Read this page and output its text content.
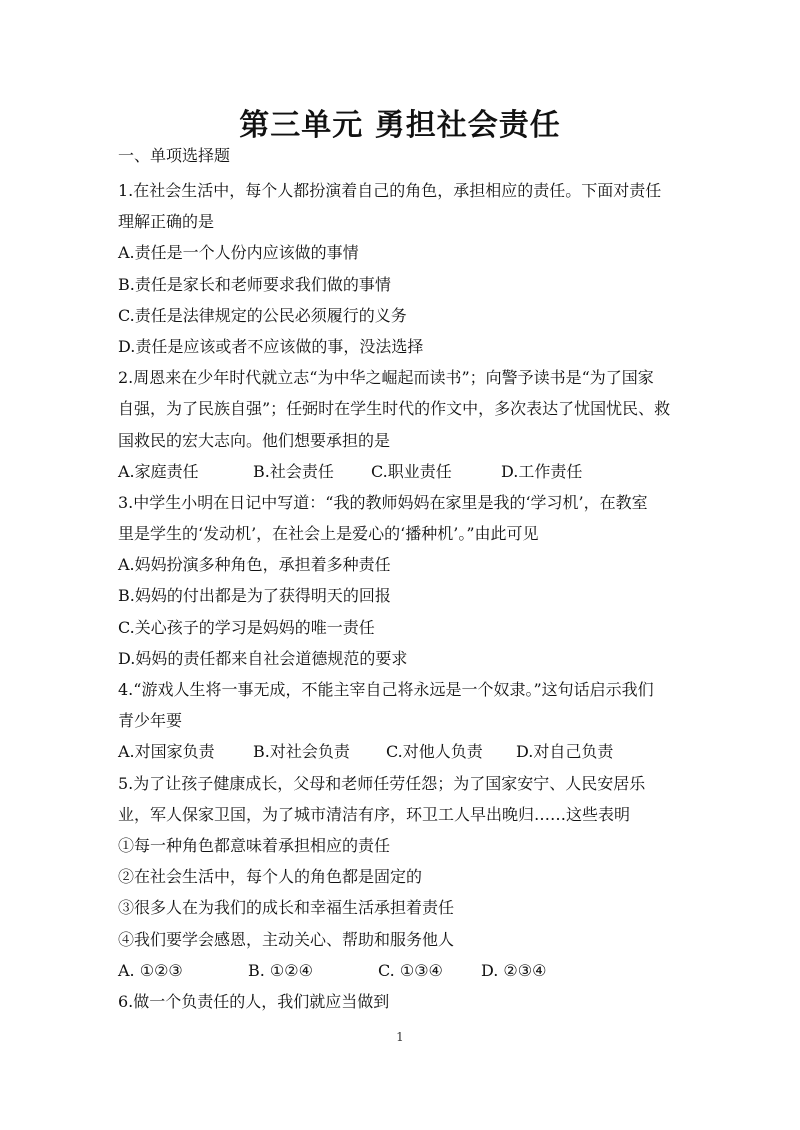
第三单元 勇担社会责任
一、单项选择题
1.在社会生活中，每个人都扮演着自己的角色，承担相应的责任。下面对责任
理解正确的是
A.责任是一个人份内应该做的事情
B.责任是家长和老师要求我们做的事情
C.责任是法律规定的公民必须履行的义务
D.责任是应该或者不应该做的事，没法选择
2.周恩来在少年时代就立志“为中华之崛起而读书”；向警予读书是“为了国家
自强，为了民族自强”；任弼时在学生时代的作文中，多次表达了忧国忧民、救
国救民的宏大志向。他们想要承担的是
A.家庭责任	B.社会责任	C.职业责任	D.工作责任
3.中学生小明在日记中写道：“我的教师妈妈在家里是我的‘学习机’，在教室
里是学生的‘发动机’，在社会上是爱心的‘播种机’。”由此可见
A.妈妈扮演多种角色，承担着多种责任
B.妈妈的付出都是为了获得明天的回报
C.关心孩子的学习是妈妈的唯一责任
D.妈妈的责任都来自社会道德规范的要求
4.“游戏人生将一事无成，不能主宰自己将永远是一个奴隶。”这句话启示我们
青少年要
A.对国家负责	B.对社会负责	C.对他人负责	D.对自己负责
5.为了让孩子健康成长，父母和老师任劳任怨；为了国家安宁、人民安居乐
业，军人保家卫国，为了城市清洁有序，环卫工人早出晚归……这些表明
①每一种角色都意味着承担相应的责任
②在社会生活中，每个人的角色都是固定的
③很多人在为我们的成长和幸福生活承担着责任
④我们要学会感恩，主动关心、帮助和服务他人
A. ①②③	B. ①②④	C. ①③④	D. ②③④
6.做一个负责任的人，我们就应当做到
1
